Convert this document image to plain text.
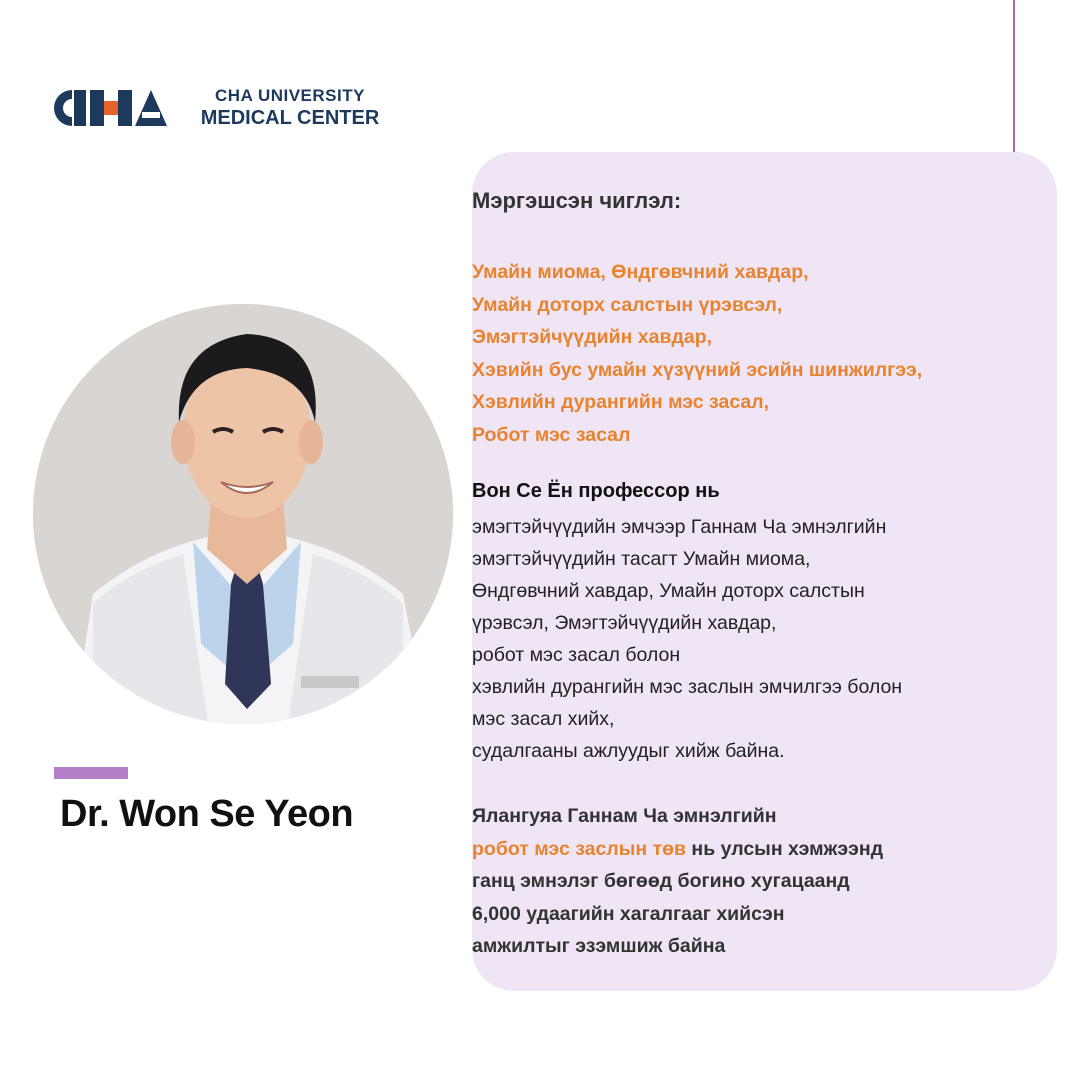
CHA UNIVERSITY
MEDICAL CENTER
Dr. Won Se Yeon
Мэргэшсэн чиглэл:
Умайн миома, Өндгөвчний хавдар,
Умайн доторх салстын үрэвсэл,
Эмэгтэйчүүдийн хавдар,
Хэвийн бус умайн хүзүүний эсийн шинжилгээ,
Хэвлийн дурангийн мэс засал,
Робот мэс засал
Вон Се Ён профессор нь
эмэгтэйчүүдийн эмчээр Ганнам Ча эмнэлгийн
эмэгтэйчүүдийн тасагт Умайн миома,
Өндгөвчний хавдар, Умайн доторх салстын
үрэвсэл, Эмэгтэйчүүдийн хавдар,
робот мэс засал болон
хэвлийн дурангийн мэс заслын эмчилгээ болон
мэс засал хийх,
судалгааны ажлуудыг хийж байна.
Ялангуяа Ганнам Ча эмнэлгийн
робот мэс заслын төв нь улсын хэмжээнд
ганц эмнэлэг бөгөөд богино хугацаанд
6,000 удаагийн хагалгааг хийсэн
амжилтыг эзэмшиж байна
